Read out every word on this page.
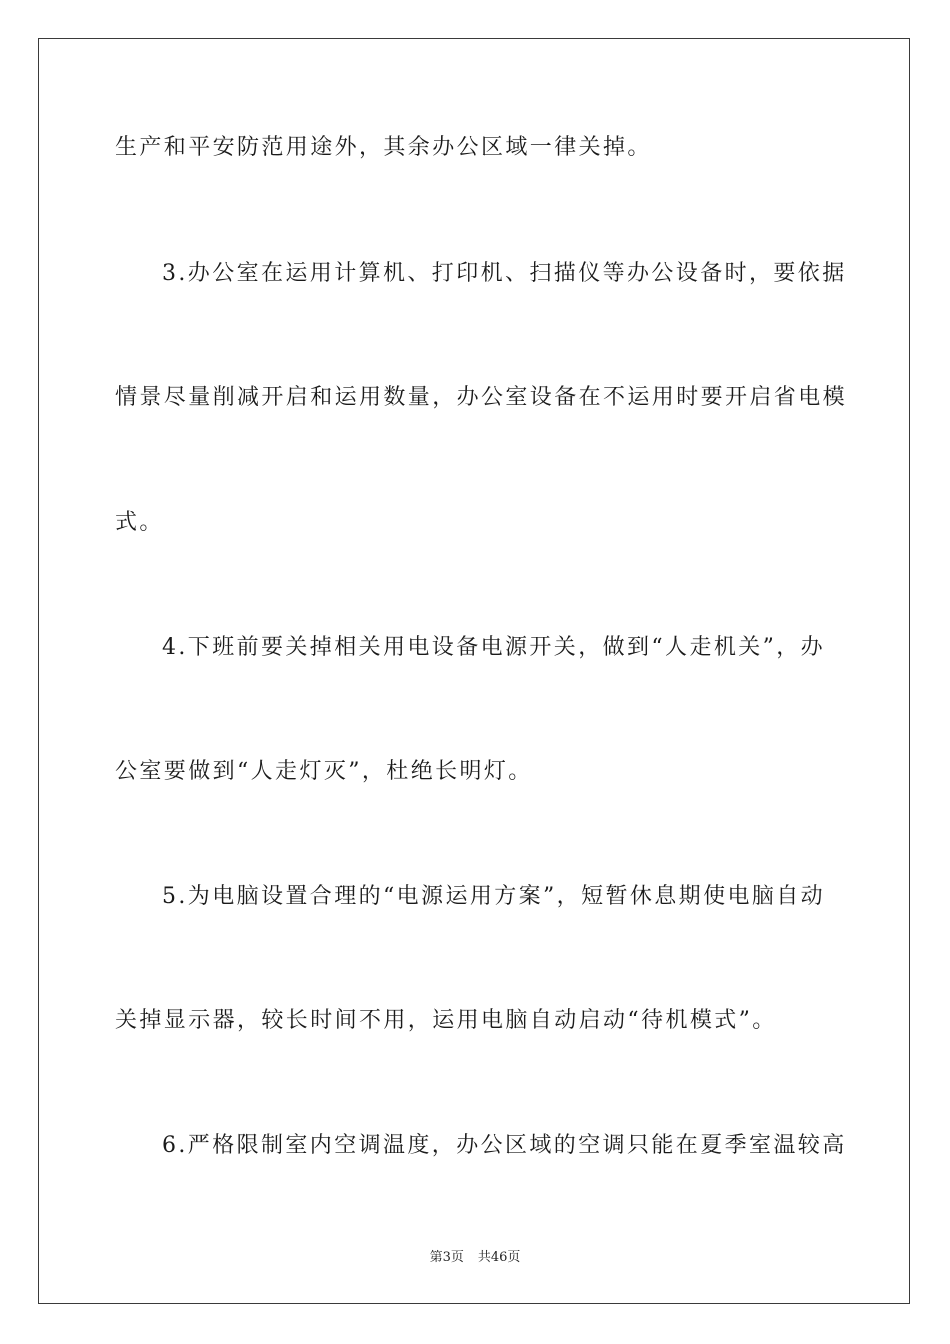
生产和平安防范用途外，其余办公区域一律关掉。
3.办公室在运用计算机、打印机、扫描仪等办公设备时，要依据
情景尽量削减开启和运用数量，办公室设备在不运用时要开启省电模
式。
4.下班前要关掉相关用电设备电源开关，做到“人走机关”，办
公室要做到“人走灯灭”，杜绝长明灯。
5.为电脑设置合理的“电源运用方案”，短暂休息期使电脑自动
关掉显示器，较长时间不用，运用电脑自动启动“待机模式”。
6.严格限制室内空调温度，办公区域的空调只能在夏季室温较高
第3页 共46页
